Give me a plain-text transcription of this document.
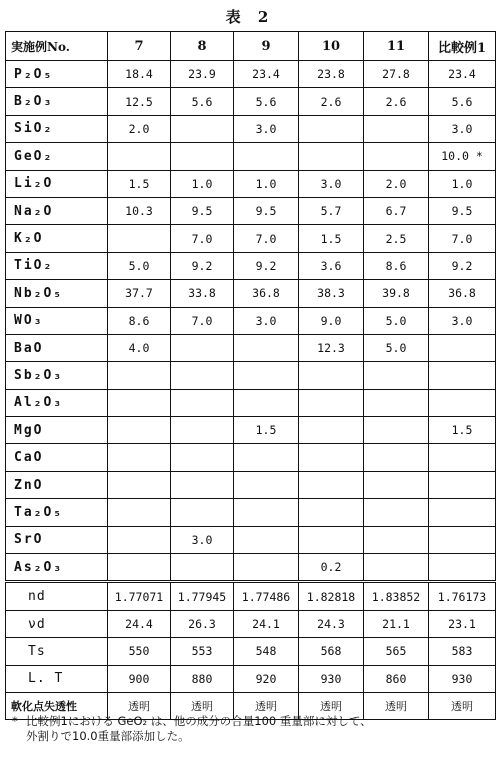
表 2
実施例No.	7	8	9	10	11	比較例1
P₂O₅	18.4	23.9	23.4	23.8	27.8	23.4
B₂O₃	12.5	5.6	5.6	2.6	2.6	5.6
SiO₂	2.0		3.0			3.0
GeO₂						10.0 *
Li₂O	1.5	1.0	1.0	3.0	2.0	1.0
Na₂O	10.3	9.5	9.5	5.7	6.7	9.5
K₂O		7.0	7.0	1.5	2.5	7.0
TiO₂	5.0	9.2	9.2	3.6	8.6	9.2
Nb₂O₅	37.7	33.8	36.8	38.3	39.8	36.8
WO₃	8.6	7.0	3.0	9.0	5.0	3.0
BaO	4.0			12.3	5.0	
Sb₂O₃						
Al₂O₃						
MgO			1.5			1.5
CaO						
ZnO						
Ta₂O₅						
SrO		3.0				
As₂O₃				0.2		
nd	1.77071	1.77945	1.77486	1.82818	1.83852	1.76173
νd	24.4	26.3	24.1	24.3	21.1	23.1
Ts	550	553	548	568	565	583
L. T	900	880	920	930	860	930
軟化点失透性	透明	透明	透明	透明	透明	透明
* 比較例1における GeO₂ は、他の成分の合量100 重量部に対して、
外割りで10.0重量部添加した。
